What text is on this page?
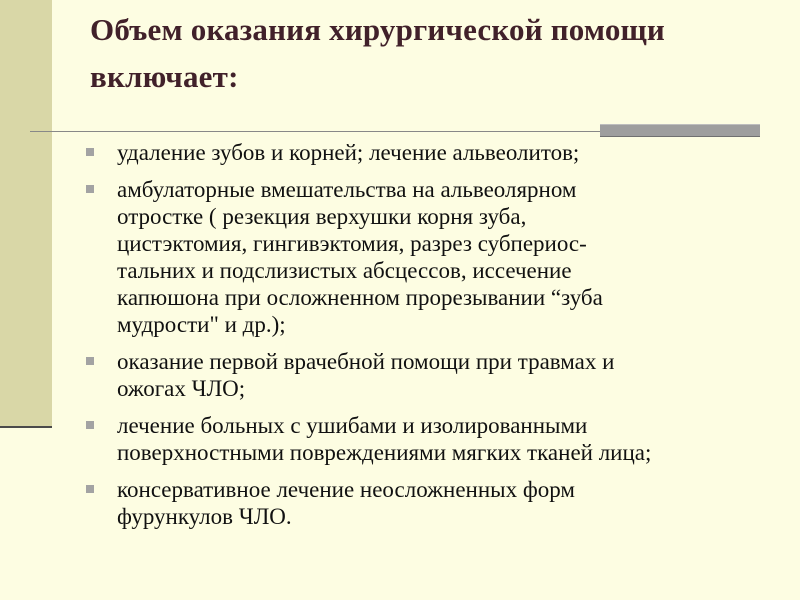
Объем оказания хирургической помощи включает:
удаление зубов и корней; лечение альвеолитов;
амбулаторные вмешательства на альвеолярном
отростке ( резекция верхушки корня зуба,
цистэктомия, гингивэктомия, разрез субпериос-
тальних и подслизистых абсцессов, иссечение
капюшона при осложненном прорезывании “зуба
мудрости" и др.);
оказание первой врачебной помощи при травмах и
ожогах ЧЛО;
лечение больных с ушибами и изолированными
поверхностными повреждениями мягких тканей лица;
консервативное лечение неосложненных форм
фурункулов ЧЛО.
